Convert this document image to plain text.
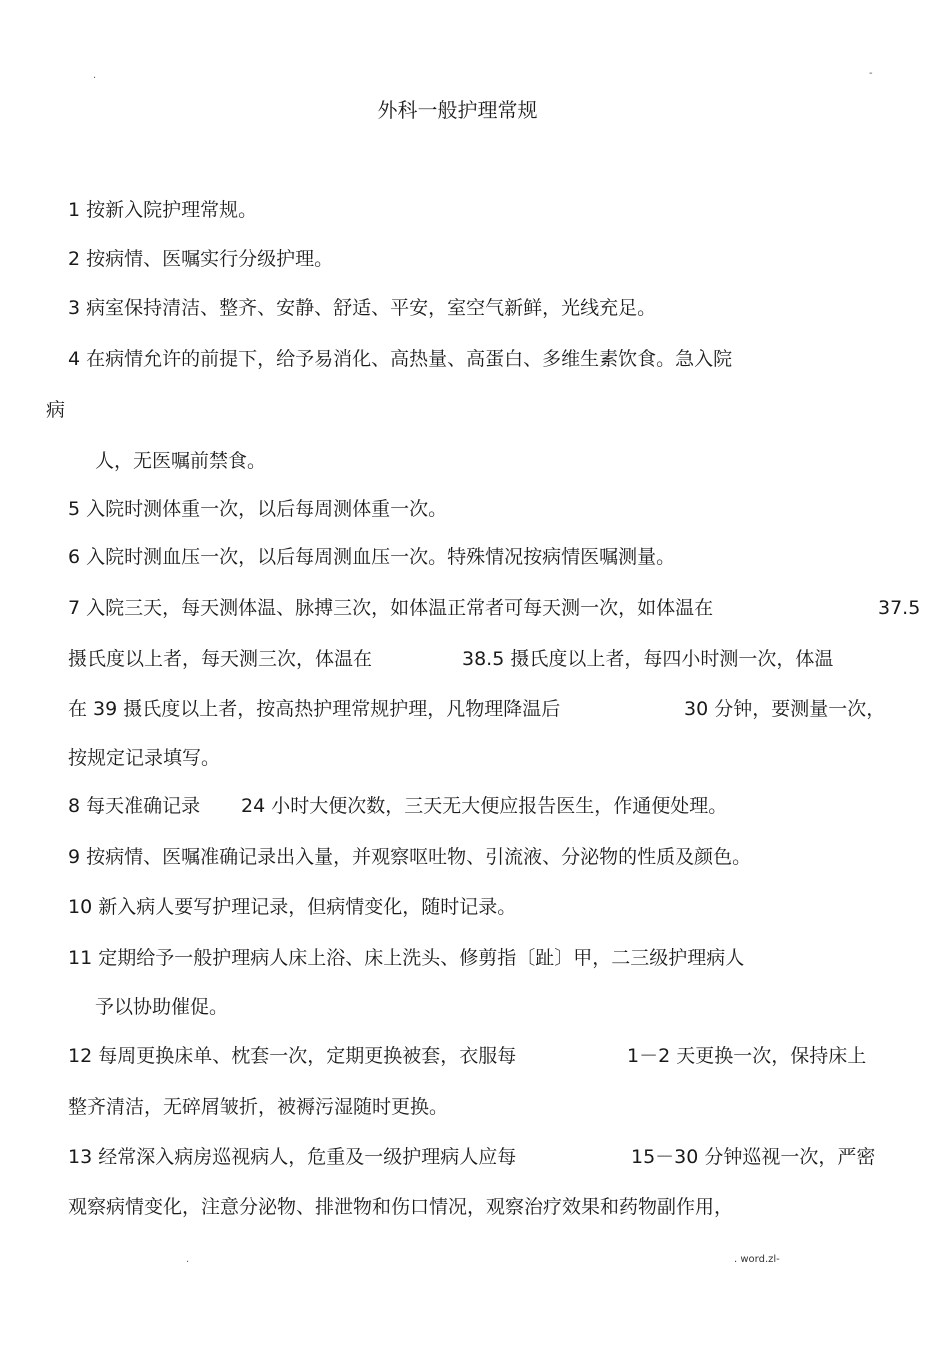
.	-
外科一般护理常规
1 按新入院护理常规。
2 按病情、医嘱实行分级护理。
3 病室保持清洁、整齐、安静、舒适、平安，室空气新鲜，光线充足。
4 在病情允许的前提下，给予易消化、高热量、高蛋白、多维生素饮食。急入院
病
人，无医嘱前禁食。
5 入院时测体重一次，以后每周测体重一次。
6 入院时测血压一次，以后每周测血压一次。特殊情况按病情医嘱测量。
7 入院三天，每天测体温、脉搏三次，如体温正常者可每天测一次，如体温在	37.5
摄氏度以上者，每天测三次，体温在	38.5 摄氏度以上者，每四小时测一次，体温
在 39 摄氏度以上者，按高热护理常规护理，凡物理降温后	30 分钟，要测量一次，
按规定记录填写。
8 每天准确记录 24 小时大便次数，三天无大便应报告医生，作通便处理。
9 按病情、医嘱准确记录出入量，并观察呕吐物、引流液、分泌物的性质及颜色。
10 新入病人要写护理记录，但病情变化，随时记录。
11 定期给予一般护理病人床上浴、床上洗头、修剪指〔趾〕甲，二三级护理病人
予以协助催促。
12 每周更换床单、枕套一次，定期更换被套，衣服每	1－2 天更换一次，保持床上
整齐清洁，无碎屑皱折，被褥污湿随时更换。
13 经常深入病房巡视病人，危重及一级护理病人应每	15－30 分钟巡视一次，严密
观察病情变化，注意分泌物、排泄物和伤口情况，观察治疗效果和药物副作用，
.	. word.zl-
